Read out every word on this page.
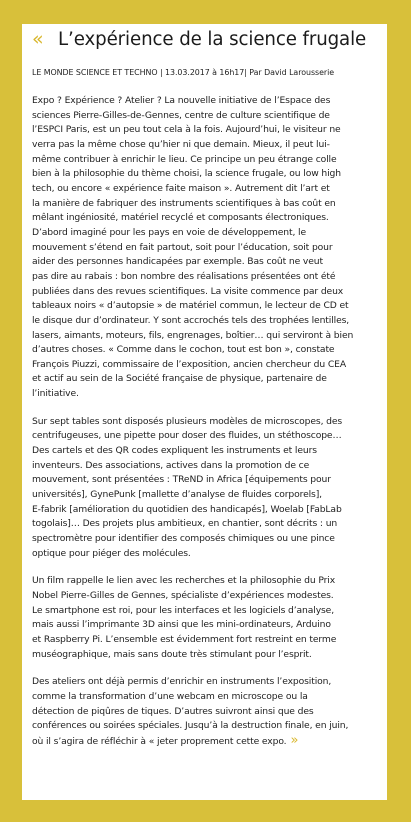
« L’expérience de la science frugale
LE MONDE SCIENCE ET TECHNO | 13.03.2017 à 16h17| Par David Larousserie
Expo ? Expérience ? Atelier ? La nouvelle initiative de l’Espace des
sciences Pierre-Gilles-de-Gennes, centre de culture scientifique de
l’ESPCI Paris, est un peu tout cela à la fois. Aujourd’hui, le visiteur ne
verra pas la même chose qu’hier ni que demain. Mieux, il peut lui-
même contribuer à enrichir le lieu. Ce principe un peu étrange colle
bien à la philosophie du thème choisi, la science frugale, ou low high
tech, ou encore « expérience faite maison ». Autrement dit l’art et
la manière de fabriquer des instruments scientifiques à bas coût en
mêlant ingéniosité, matériel recyclé et composants électroniques.
D’abord imaginé pour les pays en voie de développement, le
mouvement s’étend en fait partout, soit pour l’éducation, soit pour
aider des personnes handicapées par exemple. Bas coût ne veut
pas dire au rabais : bon nombre des réalisations présentées ont été
publiées dans des revues scientifiques. La visite commence par deux
tableaux noirs « d’autopsie » de matériel commun, le lecteur de CD et
le disque dur d’ordinateur. Y sont accrochés tels des trophées lentilles,
lasers, aimants, moteurs, fils, engrenages, boîtier… qui serviront à bien
d’autres choses. « Comme dans le cochon, tout est bon », constate
François Piuzzi, commissaire de l’exposition, ancien chercheur du CEA
et actif au sein de la Société française de physique, partenaire de
l’initiative.
Sur sept tables sont disposés plusieurs modèles de microscopes, des
centrifugeuses, une pipette pour doser des fluides, un stéthoscope…
Des cartels et des QR codes expliquent les instruments et leurs
inventeurs. Des associations, actives dans la promotion de ce
mouvement, sont présentées : TReND in Africa [équipements pour
universités], GynePunk [mallette d’analyse de fluides corporels],
E-fabrik [amélioration du quotidien des handicapés], Woelab [FabLab
togolais]… Des projets plus ambitieux, en chantier, sont décrits : un
spectromètre pour identifier des composés chimiques ou une pince
optique pour piéger des molécules.
Un film rappelle le lien avec les recherches et la philosophie du Prix
Nobel Pierre-Gilles de Gennes, spécialiste d’expériences modestes.
Le smartphone est roi, pour les interfaces et les logiciels d’analyse,
mais aussi l’imprimante 3D ainsi que les mini-ordinateurs, Arduino
et Raspberry Pi. L’ensemble est évidemment fort restreint en terme
muséographique, mais sans doute très stimulant pour l’esprit.
Des ateliers ont déjà permis d’enrichir en instruments l’exposition,
comme la transformation d’une webcam en microscope ou la
détection de piqûres de tiques. D’autres suivront ainsi que des
conférences ou soirées spéciales. Jusqu’à la destruction finale, en juin,
où il s’agira de réfléchir à « jeter proprement cette expo. »
